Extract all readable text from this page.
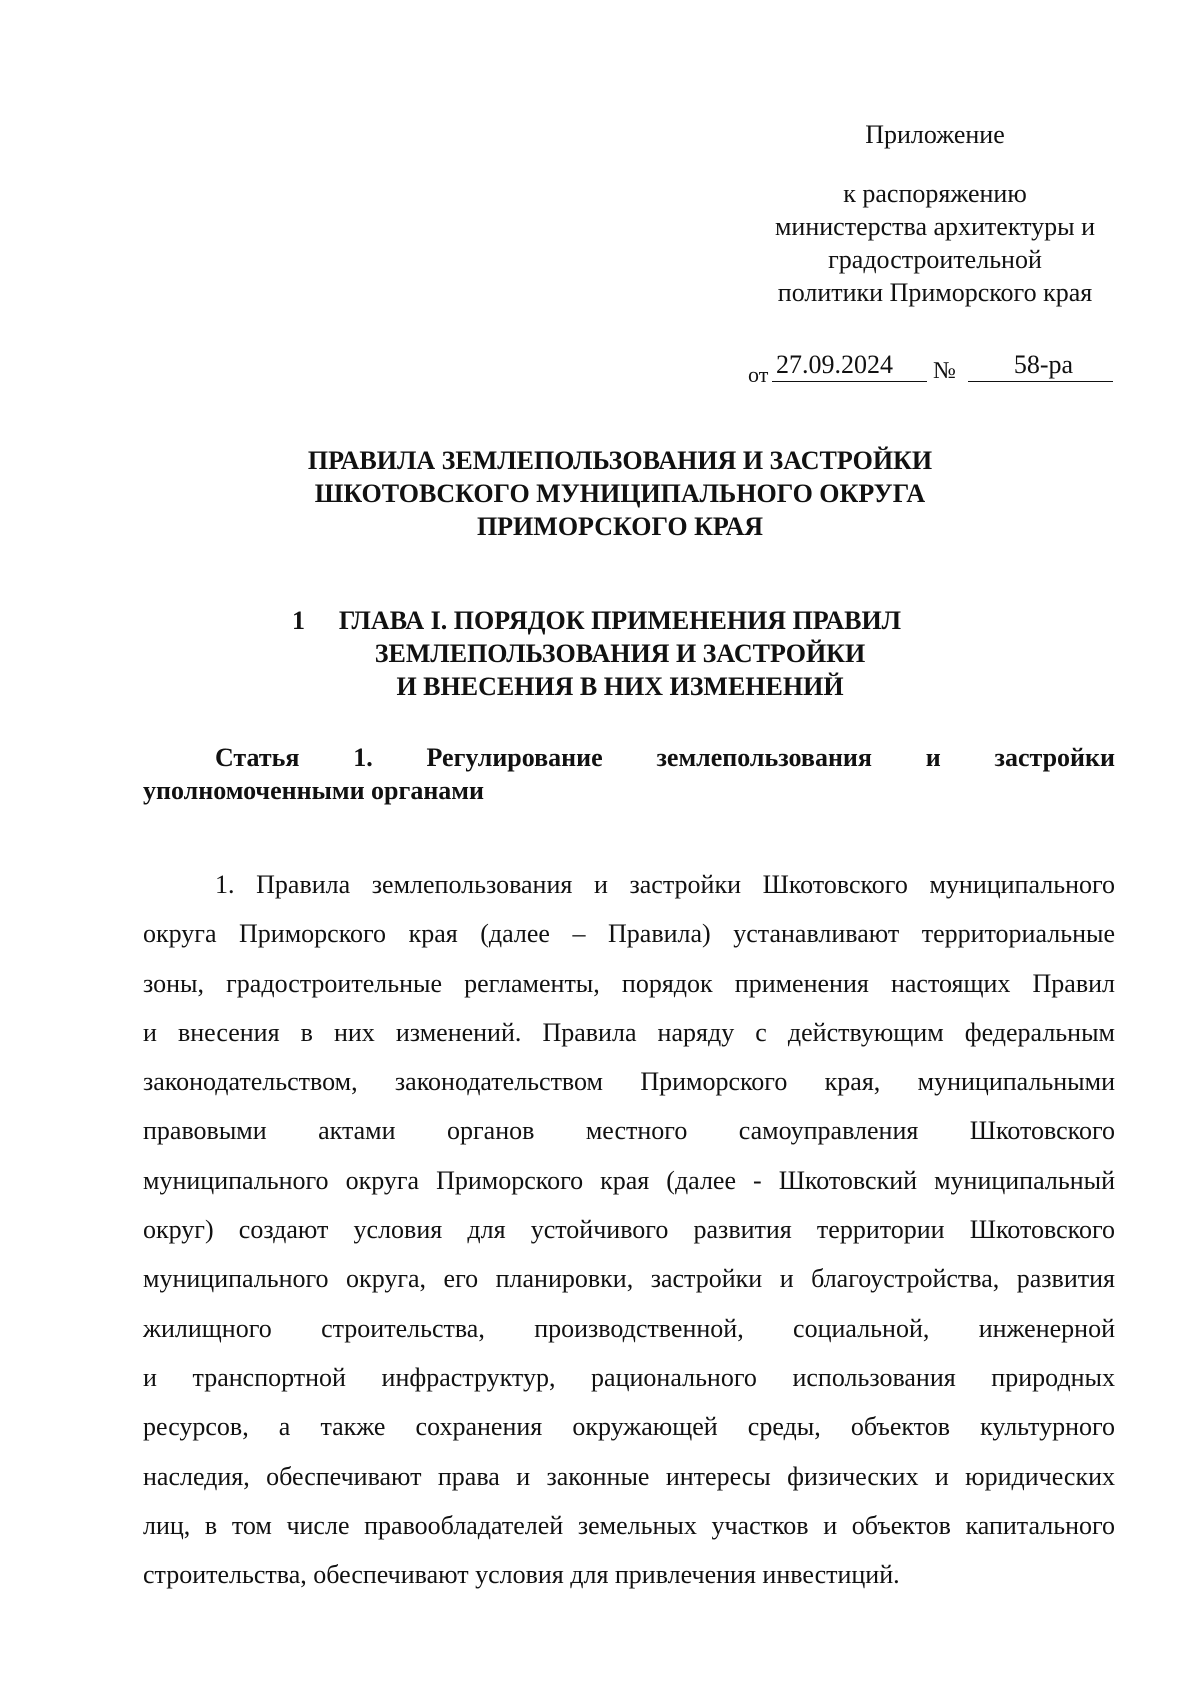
Приложение
к распоряжению
министерства архитектуры и
градостроительной
политики Приморского края
от 27.09.2024	№	58-ра
ПРАВИЛА ЗЕМЛЕПОЛЬЗОВАНИЯ И ЗАСТРОЙКИ
ШКОТОВСКОГО МУНИЦИПАЛЬНОГО ОКРУГА
ПРИМОРСКОГО КРАЯ
1	ГЛАВА I. ПОРЯДОК ПРИМЕНЕНИЯ ПРАВИЛ
ЗЕМЛЕПОЛЬЗОВАНИЯ И ЗАСТРОЙКИ
И ВНЕСЕНИЯ В НИХ ИЗМЕНЕНИЙ
Статья 1. Регулирование землепользования и застройки
уполномоченными органами
1. Правила землепользования и застройки Шкотовского муниципального
округа Приморского края (далее – Правила) устанавливают территориальные
зоны, градостроительные регламенты, порядок применения настоящих Правил
и внесения в них изменений. Правила наряду с действующим федеральным
законодательством, законодательством Приморского края, муниципальными
правовыми актами органов местного самоуправления Шкотовского
муниципального округа Приморского края (далее - Шкотовский муниципальный
округ) создают условия для устойчивого развития территории Шкотовского
муниципального округа, его планировки, застройки и благоустройства, развития
жилищного строительства, производственной, социальной, инженерной
и транспортной инфраструктур, рационального использования природных
ресурсов, а также сохранения окружающей среды, объектов культурного
наследия, обеспечивают права и законные интересы физических и юридических
лиц, в том числе правообладателей земельных участков и объектов капитального
строительства, обеспечивают условия для привлечения инвестиций.
